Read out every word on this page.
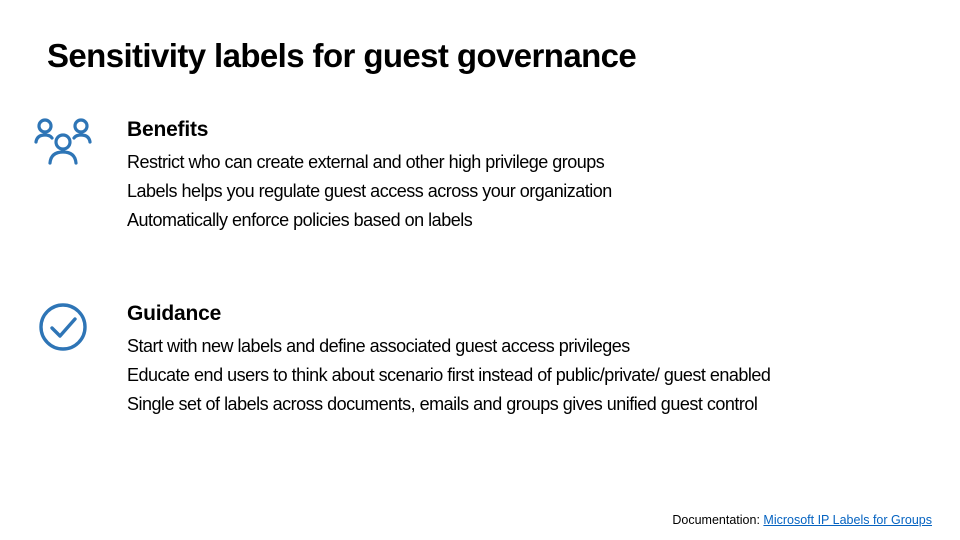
Sensitivity labels for guest governance
Benefits
Restrict who can create external and other high privilege groups
Labels helps you regulate guest access across your organization
Automatically enforce policies based on labels
Guidance
Start with new labels and define associated guest access privileges
Educate end users to think about scenario first instead of public/private/ guest enabled
Single set of labels across documents, emails and groups gives unified guest control
Documentation: Microsoft IP Labels for Groups
